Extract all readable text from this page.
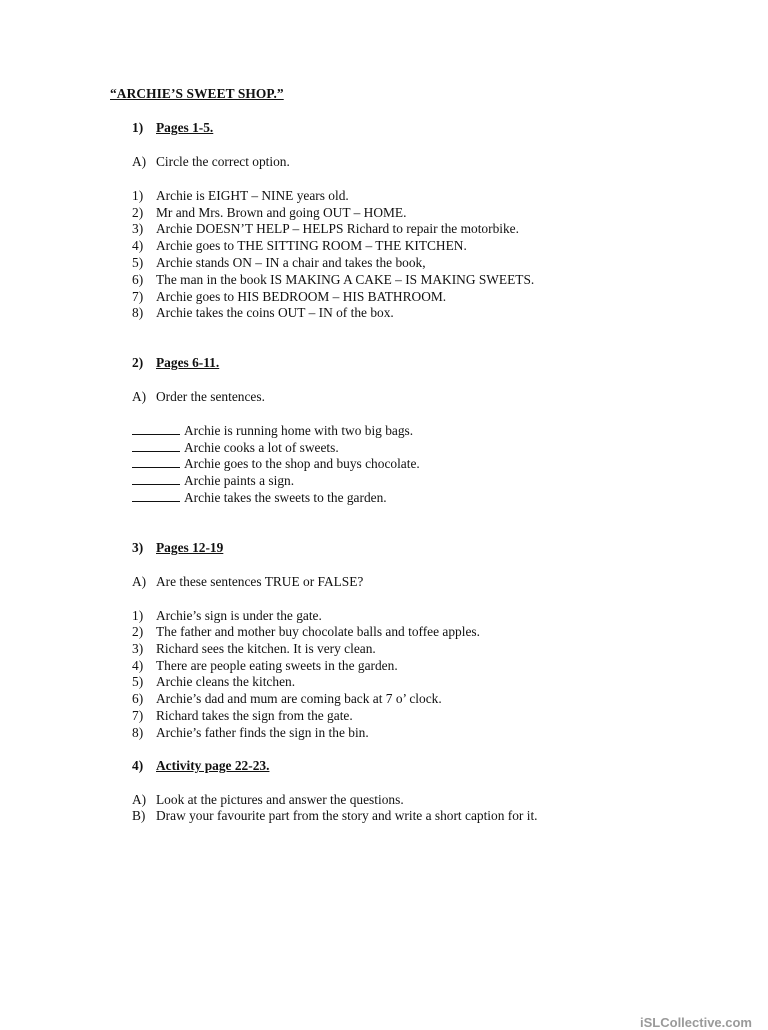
“ARCHIE’S SWEET SHOP.”
1) Pages 1-5.
A) Circle the correct option.
1) Archie is EIGHT – NINE years old.
2) Mr and Mrs. Brown and going OUT – HOME.
3) Archie DOESN’T HELP – HELPS Richard to repair the motorbike.
4) Archie goes to THE SITTING ROOM – THE KITCHEN.
5) Archie stands ON – IN a chair and takes the book,
6) The man in the book IS MAKING A CAKE – IS MAKING SWEETS.
7) Archie goes to HIS BEDROOM – HIS BATHROOM.
8) Archie takes the coins OUT – IN of the box.
2) Pages 6-11.
A) Order the sentences.
Archie is running home with two big bags.
Archie cooks a lot of sweets.
Archie goes to the shop and buys chocolate.
Archie paints a sign.
Archie takes the sweets to the garden.
3) Pages 12-19
A) Are these sentences TRUE or FALSE?
1) Archie’s sign is under the gate.
2) The father and mother buy chocolate balls and toffee apples.
3) Richard sees the kitchen. It is very clean.
4) There are people eating sweets in the garden.
5) Archie cleans the kitchen.
6) Archie’s dad and mum are coming back at 7 o’ clock.
7) Richard takes the sign from the gate.
8) Archie’s father finds the sign in the bin.
4) Activity page 22-23.
A) Look at the pictures and answer the questions.
B) Draw your favourite part from the story and write a short caption for it.
iSLCollective.com
